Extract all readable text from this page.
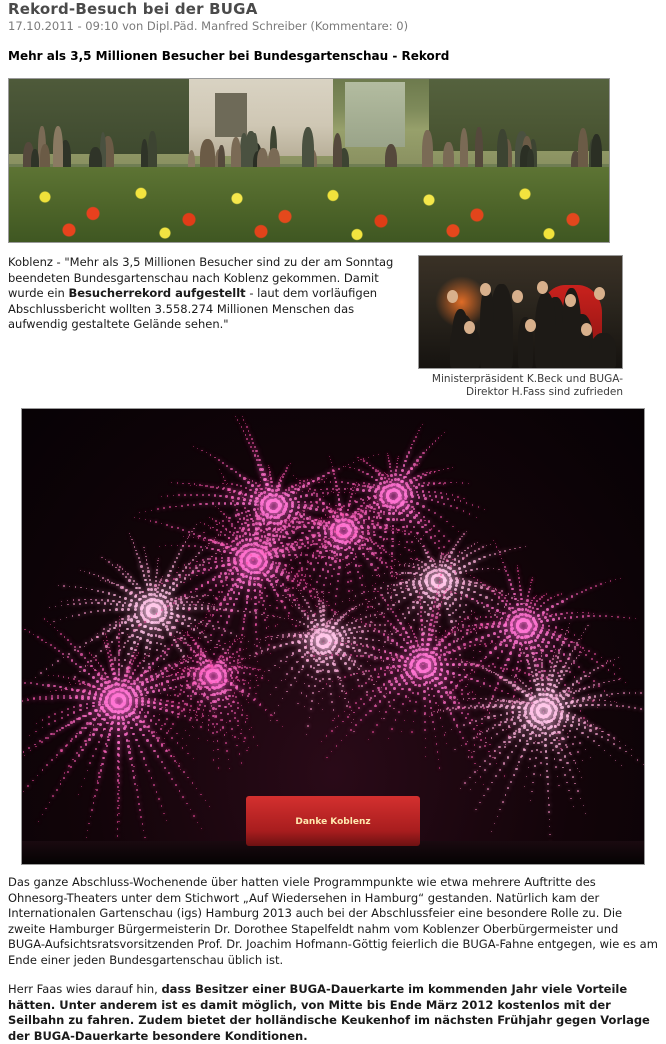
Rekord-Besuch bei der BUGA
17.10.2011 - 09:10 von Dipl.Päd. Manfred Schreiber (Kommentare: 0)
Mehr als 3,5 Millionen Besucher bei Bundesgartenschau - Rekord
Koblenz - "Mehr als 3,5 Millionen Besucher sind zu der am Sonntag beendeten Bundesgartenschau nach Koblenz gekommen. Damit wurde ein Besucherrekord aufgestellt - laut dem vorläufigen Abschlussbericht wollten 3.558.274 Millionen Menschen das aufwendig gestaltete Gelände sehen."
Ministerpräsident K.Beck und BUGA-Direktor H.Fass sind zufrieden
Danke Koblenz
Das ganze Abschluss-Wochenende über hatten viele Programmpunkte wie etwa mehrere Auftritte des Ohnesorg-Theaters unter dem Stichwort „Auf Wiedersehen in Hamburg“ gestanden. Natürlich kam der Internationalen Gartenschau (igs) Hamburg 2013 auch bei der Abschlussfeier eine besondere Rolle zu. Die zweite Hamburger Bürgermeisterin Dr. Dorothee Stapelfeldt nahm vom Koblenzer Oberbürgermeister und BUGA-Aufsichtsratsvorsitzenden Prof. Dr. Joachim Hofmann-Göttig feierlich die BUGA-Fahne entgegen, wie es am Ende einer jeden Bundesgartenschau üblich ist.
Herr Faas wies darauf hin, dass Besitzer einer BUGA-Dauerkarte im kommenden Jahr viele Vorteile hätten. Unter anderem ist es damit möglich, von Mitte bis Ende März 2012 kostenlos mit der Seilbahn zu fahren. Zudem bietet der holländische Keukenhof im nächsten Frühjahr gegen Vorlage der BUGA-Dauerkarte besondere Konditionen.
